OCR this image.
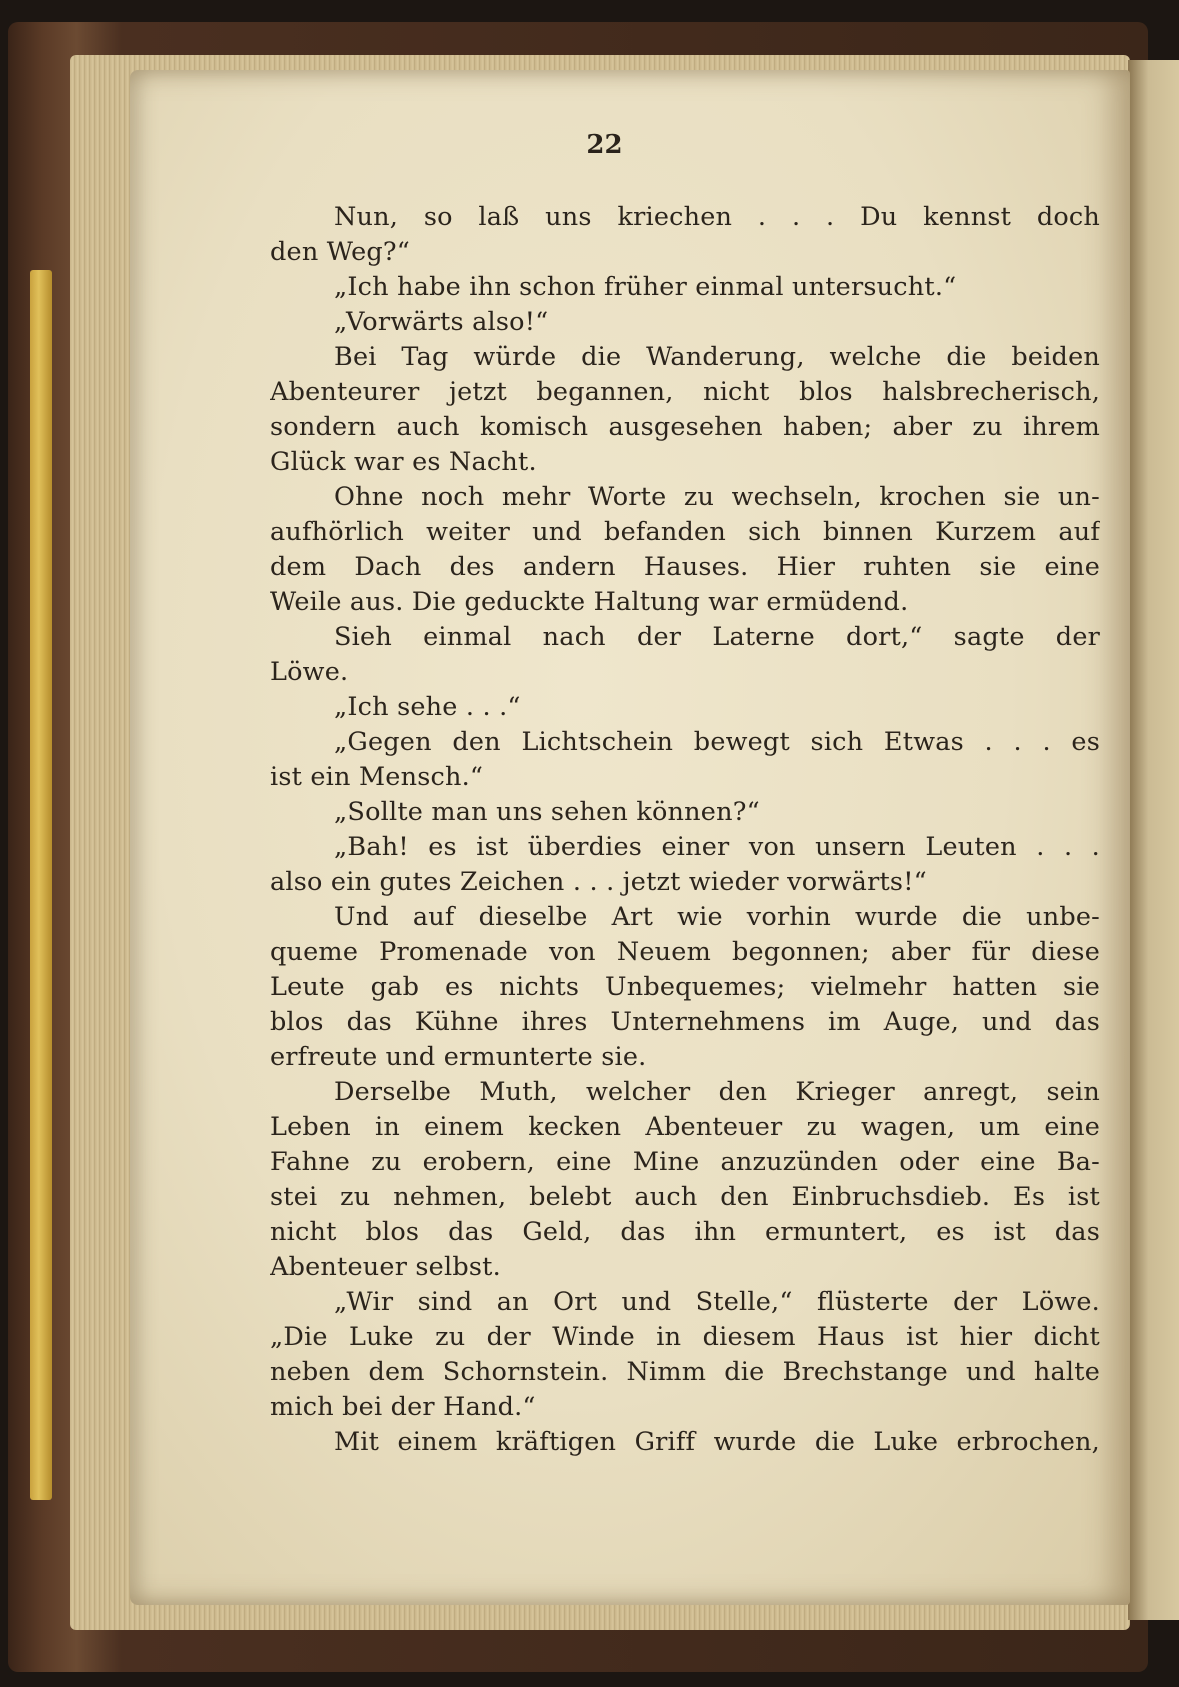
22
Nun, so laß uns kriechen . . . Du kennst doch
den Weg?“
„Ich habe ihn schon früher einmal untersucht.“
„Vorwärts also!“
Bei Tag würde die Wanderung, welche die beiden
Abenteurer jetzt begannen, nicht blos halsbrecherisch,
sondern auch komisch ausgesehen haben; aber zu ihrem
Glück war es Nacht.
Ohne noch mehr Worte zu wechseln, krochen sie un-
aufhörlich weiter und befanden sich binnen Kurzem auf
dem Dach des andern Hauses. Hier ruhten sie eine
Weile aus. Die geduckte Haltung war ermüdend.
Sieh einmal nach der Laterne dort,“ sagte der
Löwe.
„Ich sehe . . .“
„Gegen den Lichtschein bewegt sich Etwas . . . es
ist ein Mensch.“
„Sollte man uns sehen können?“
„Bah! es ist überdies einer von unsern Leuten . . .
also ein gutes Zeichen . . . jetzt wieder vorwärts!“
Und auf dieselbe Art wie vorhin wurde die unbe-
queme Promenade von Neuem begonnen; aber für diese
Leute gab es nichts Unbequemes; vielmehr hatten sie
blos das Kühne ihres Unternehmens im Auge, und das
erfreute und ermunterte sie.
Derselbe Muth, welcher den Krieger anregt, sein
Leben in einem kecken Abenteuer zu wagen, um eine
Fahne zu erobern, eine Mine anzuzünden oder eine Ba-
stei zu nehmen, belebt auch den Einbruchsdieb. Es ist
nicht blos das Geld, das ihn ermuntert, es ist das
Abenteuer selbst.
„Wir sind an Ort und Stelle,“ flüsterte der Löwe.
„Die Luke zu der Winde in diesem Haus ist hier dicht
neben dem Schornstein. Nimm die Brechstange und halte
mich bei der Hand.“
Mit einem kräftigen Griff wurde die Luke erbrochen,
